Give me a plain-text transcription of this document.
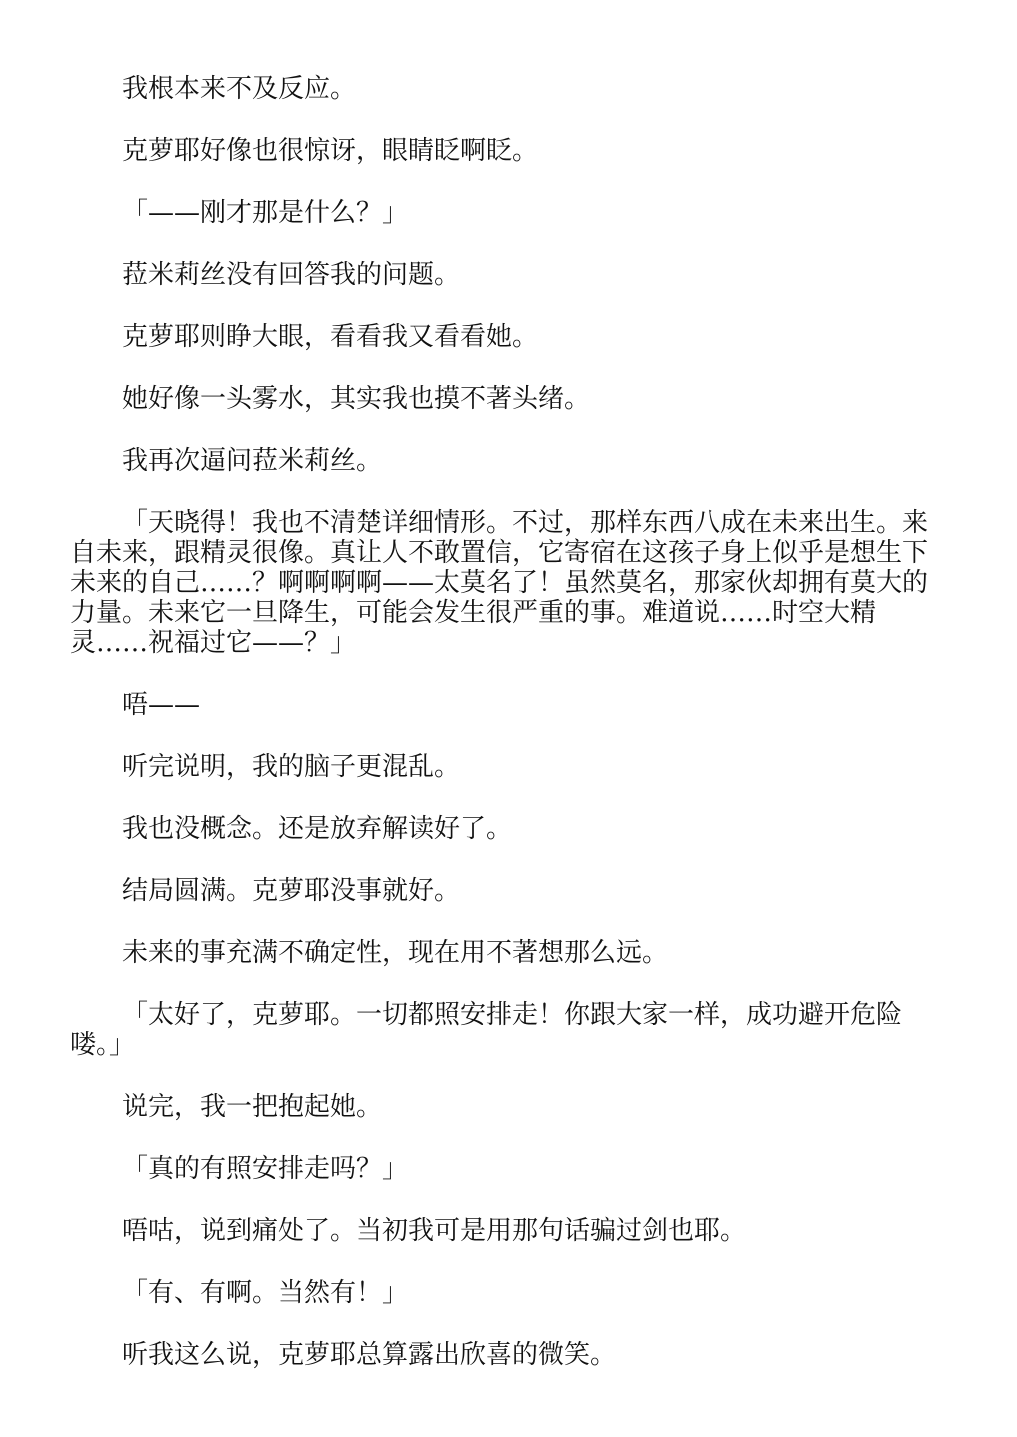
我根本来不及反应。

克萝耶好像也很惊讶，眼睛眨啊眨。

「——刚才那是什么？」

菈米莉丝没有回答我的问题。

克萝耶则睁大眼，看看我又看看她。

她好像一头雾水，其实我也摸不著头绪。

我再次逼问菈米莉丝。

「天晓得！我也不清楚详细情形。不过，那样东西八成在未来出生。来自未来，跟精灵很像。真让人不敢置信，它寄宿在这孩子身上似乎是想生下未来的自己……？啊啊啊啊——太莫名了！虽然莫名，那家伙却拥有莫大的力量。未来它一旦降生，可能会发生很严重的事。难道说……时空大精灵……祝福过它——？」

唔——

听完说明，我的脑子更混乱。

我也没概念。还是放弃解读好了。

结局圆满。克萝耶没事就好。

未来的事充满不确定性，现在用不著想那么远。

「太好了，克萝耶。一切都照安排走！你跟大家一样，成功避开危险喽。」

说完，我一把抱起她。

「真的有照安排走吗？」

唔咕，说到痛处了。当初我可是用那句话骗过剑也耶。

「有、有啊。当然有！」

听我这么说，克萝耶总算露出欣喜的微笑。
